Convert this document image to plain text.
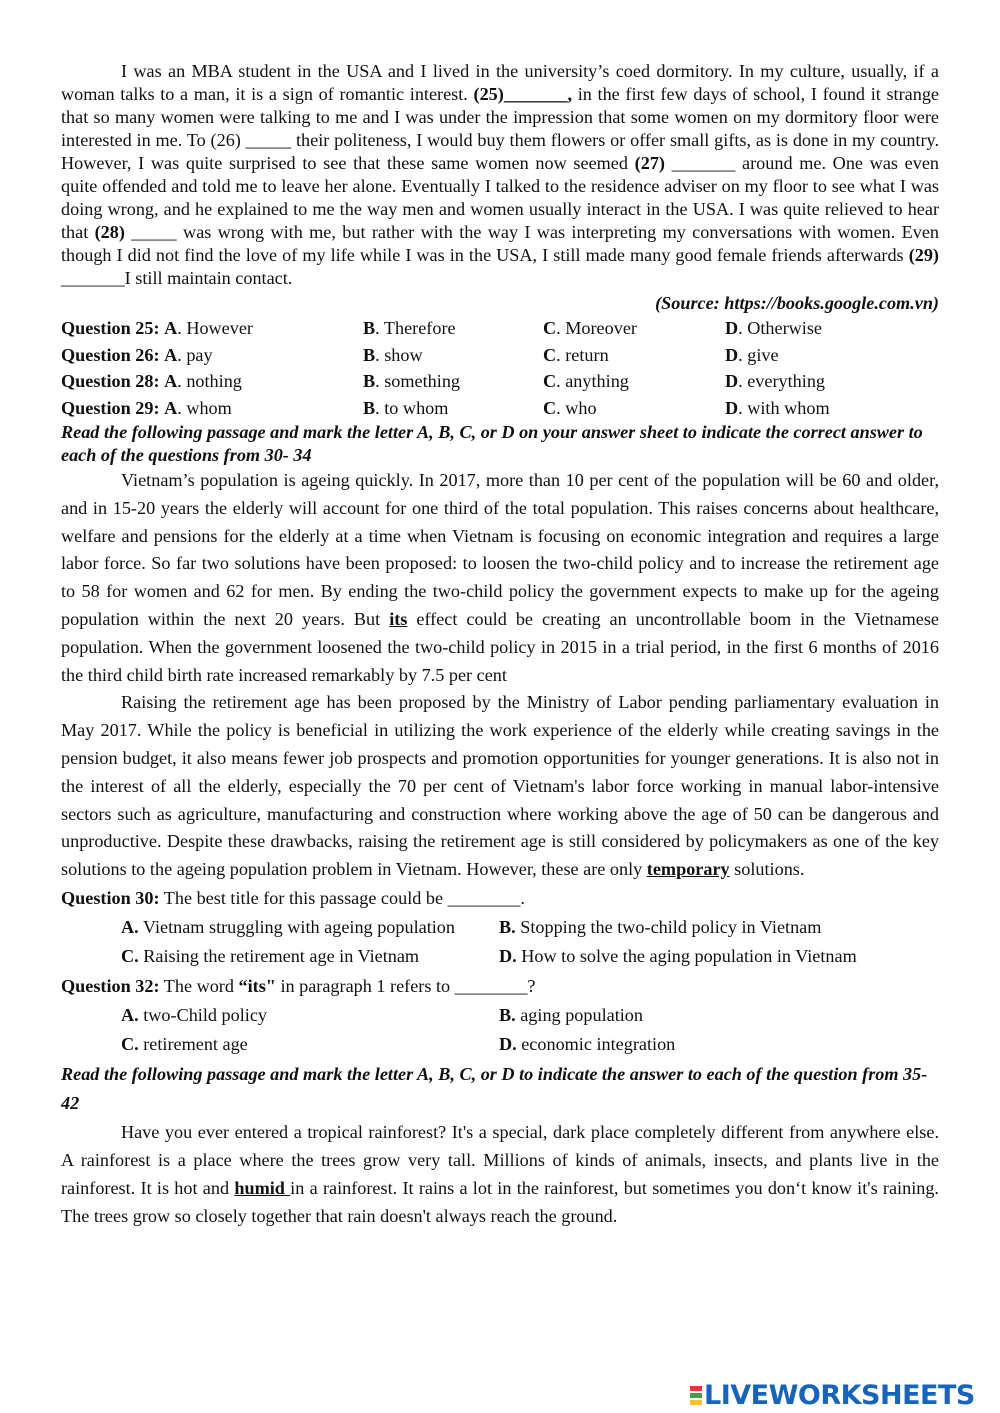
I was an MBA student in the USA and I lived in the university’s coed dormitory. In my culture, usually, if a woman talks to a man, it is a sign of romantic interest. (25)_______, in the first few days of school, I found it strange that so many women were talking to me and I was under the impression that some women on my dormitory floor were interested in me. To (26) _____ their politeness, I would buy them flowers or offer small gifts, as is done in my country. However, I was quite surprised to see that these same women now seemed (27) _______ around me. One was even quite offended and told me to leave her alone. Eventually I talked to the residence adviser on my floor to see what I was doing wrong, and he explained to me the way men and women usually interact in the USA. I was quite relieved to hear that (28) _____ was wrong with me, but rather with the way I was interpreting my conversations with women. Even though I did not find the love of my life while I was in the USA, I still made many good female friends afterwards (29) _______I still maintain contact.

(Source: https://books.google.com.vn)

Question 25: A. However	B. Therefore	C. Moreover	D. Otherwise
Question 26: A. pay	B. show	C. return	D. give
Question 28: A. nothing	B. something	C. anything	D. everything
Question 29: A. whom	B. to whom	C. who	D. with whom

Read the following passage and mark the letter A, B, C, or D on your answer sheet to indicate the correct answer to each of the questions from 30- 34

Vietnam’s population is ageing quickly. In 2017, more than 10 per cent of the population will be 60 and older, and in 15-20 years the elderly will account for one third of the total population. This raises concerns about healthcare, welfare and pensions for the elderly at a time when Vietnam is focusing on economic integration and requires a large labor force. So far two solutions have been proposed: to loosen the two-child policy and to increase the retirement age to 58 for women and 62 for men. By ending the two-child policy the government expects to make up for the ageing population within the next 20 years. But its effect could be creating an uncontrollable boom in the Vietnamese population. When the government loosened the two-child policy in 2015 in a trial period, in the first 6 months of 2016 the third child birth rate increased remarkably by 7.5 per cent

Raising the retirement age has been proposed by the Ministry of Labor pending parliamentary evaluation in May 2017. While the policy is beneficial in utilizing the work experience of the elderly while creating savings in the pension budget, it also means fewer job prospects and promotion opportunities for younger generations. It is also not in the interest of all the elderly, especially the 70 per cent of Vietnam's labor force working in manual labor-intensive sectors such as agriculture, manufacturing and construction where working above the age of 50 can be dangerous and unproductive. Despite these drawbacks, raising the retirement age is still considered by policymakers as one of the key solutions to the ageing population problem in Vietnam. However, these are only temporary solutions.

Question 30: The best title for this passage could be ________.

A. Vietnam struggling with ageing population	B. Stopping the two-child policy in Vietnam
C. Raising the retirement age in Vietnam	D. How to solve the aging population in Vietnam

Question 32: The word “its" in paragraph 1 refers to ________?

A. two-Child policy	B. aging population
C. retirement age	D. economic integration

Read the following passage and mark the letter A, B, C, or D to indicate the answer to each of the question from 35-42

Have you ever entered a tropical rainforest? It's a special, dark place completely different from anywhere else. A rainforest is a place where the trees grow very tall. Millions of kinds of animals, insects, and plants live in the rainforest. It is hot and humid in a rainforest. It rains a lot in the rainforest, but sometimes you don‘t know it's raining. The trees grow so closely together that rain doesn't always reach the ground.

LIVEWORKSHEETS
